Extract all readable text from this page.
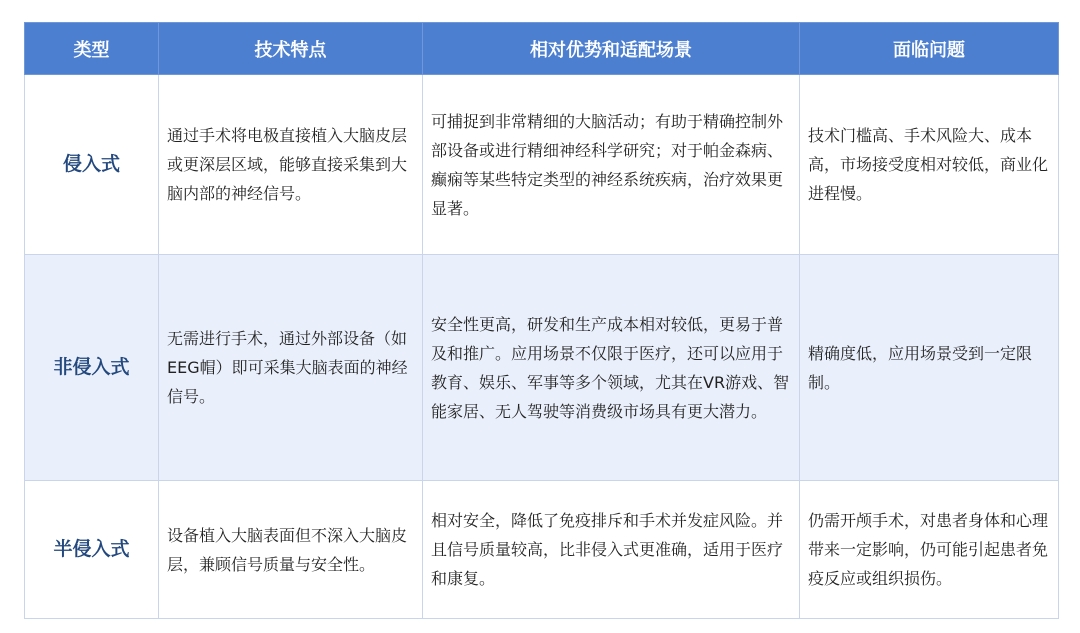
类型	技术特点	相对优势和适配场景	面临问题
侵入式	通过手术将电极直接植入大脑皮层或更深层区域，能够直接采集到大脑内部的神经信号。	可捕捉到非常精细的大脑活动；有助于精确控制外部设备或进行精细神经科学研究；对于帕金森病、癫痫等某些特定类型的神经系统疾病，治疗效果更显著。	技术门槛高、手术风险大、成本高，市场接受度相对较低，商业化进程慢。
非侵入式	无需进行手术，通过外部设备（如EEG帽）即可采集大脑表面的神经信号。	安全性更高，研发和生产成本相对较低，更易于普及和推广。应用场景不仅限于医疗，还可以应用于教育、娱乐、军事等多个领域，尤其在VR游戏、智能家居、无人驾驶等消费级市场具有更大潜力。	精确度低，应用场景受到一定限制。
半侵入式	设备植入大脑表面但不深入大脑皮层，兼顾信号质量与安全性。	相对安全，降低了免疫排斥和手术并发症风险。并且信号质量较高，比非侵入式更准确，适用于医疗和康复。	仍需开颅手术，对患者身体和心理带来一定影响，仍可能引起患者免疫反应或组织损伤。
